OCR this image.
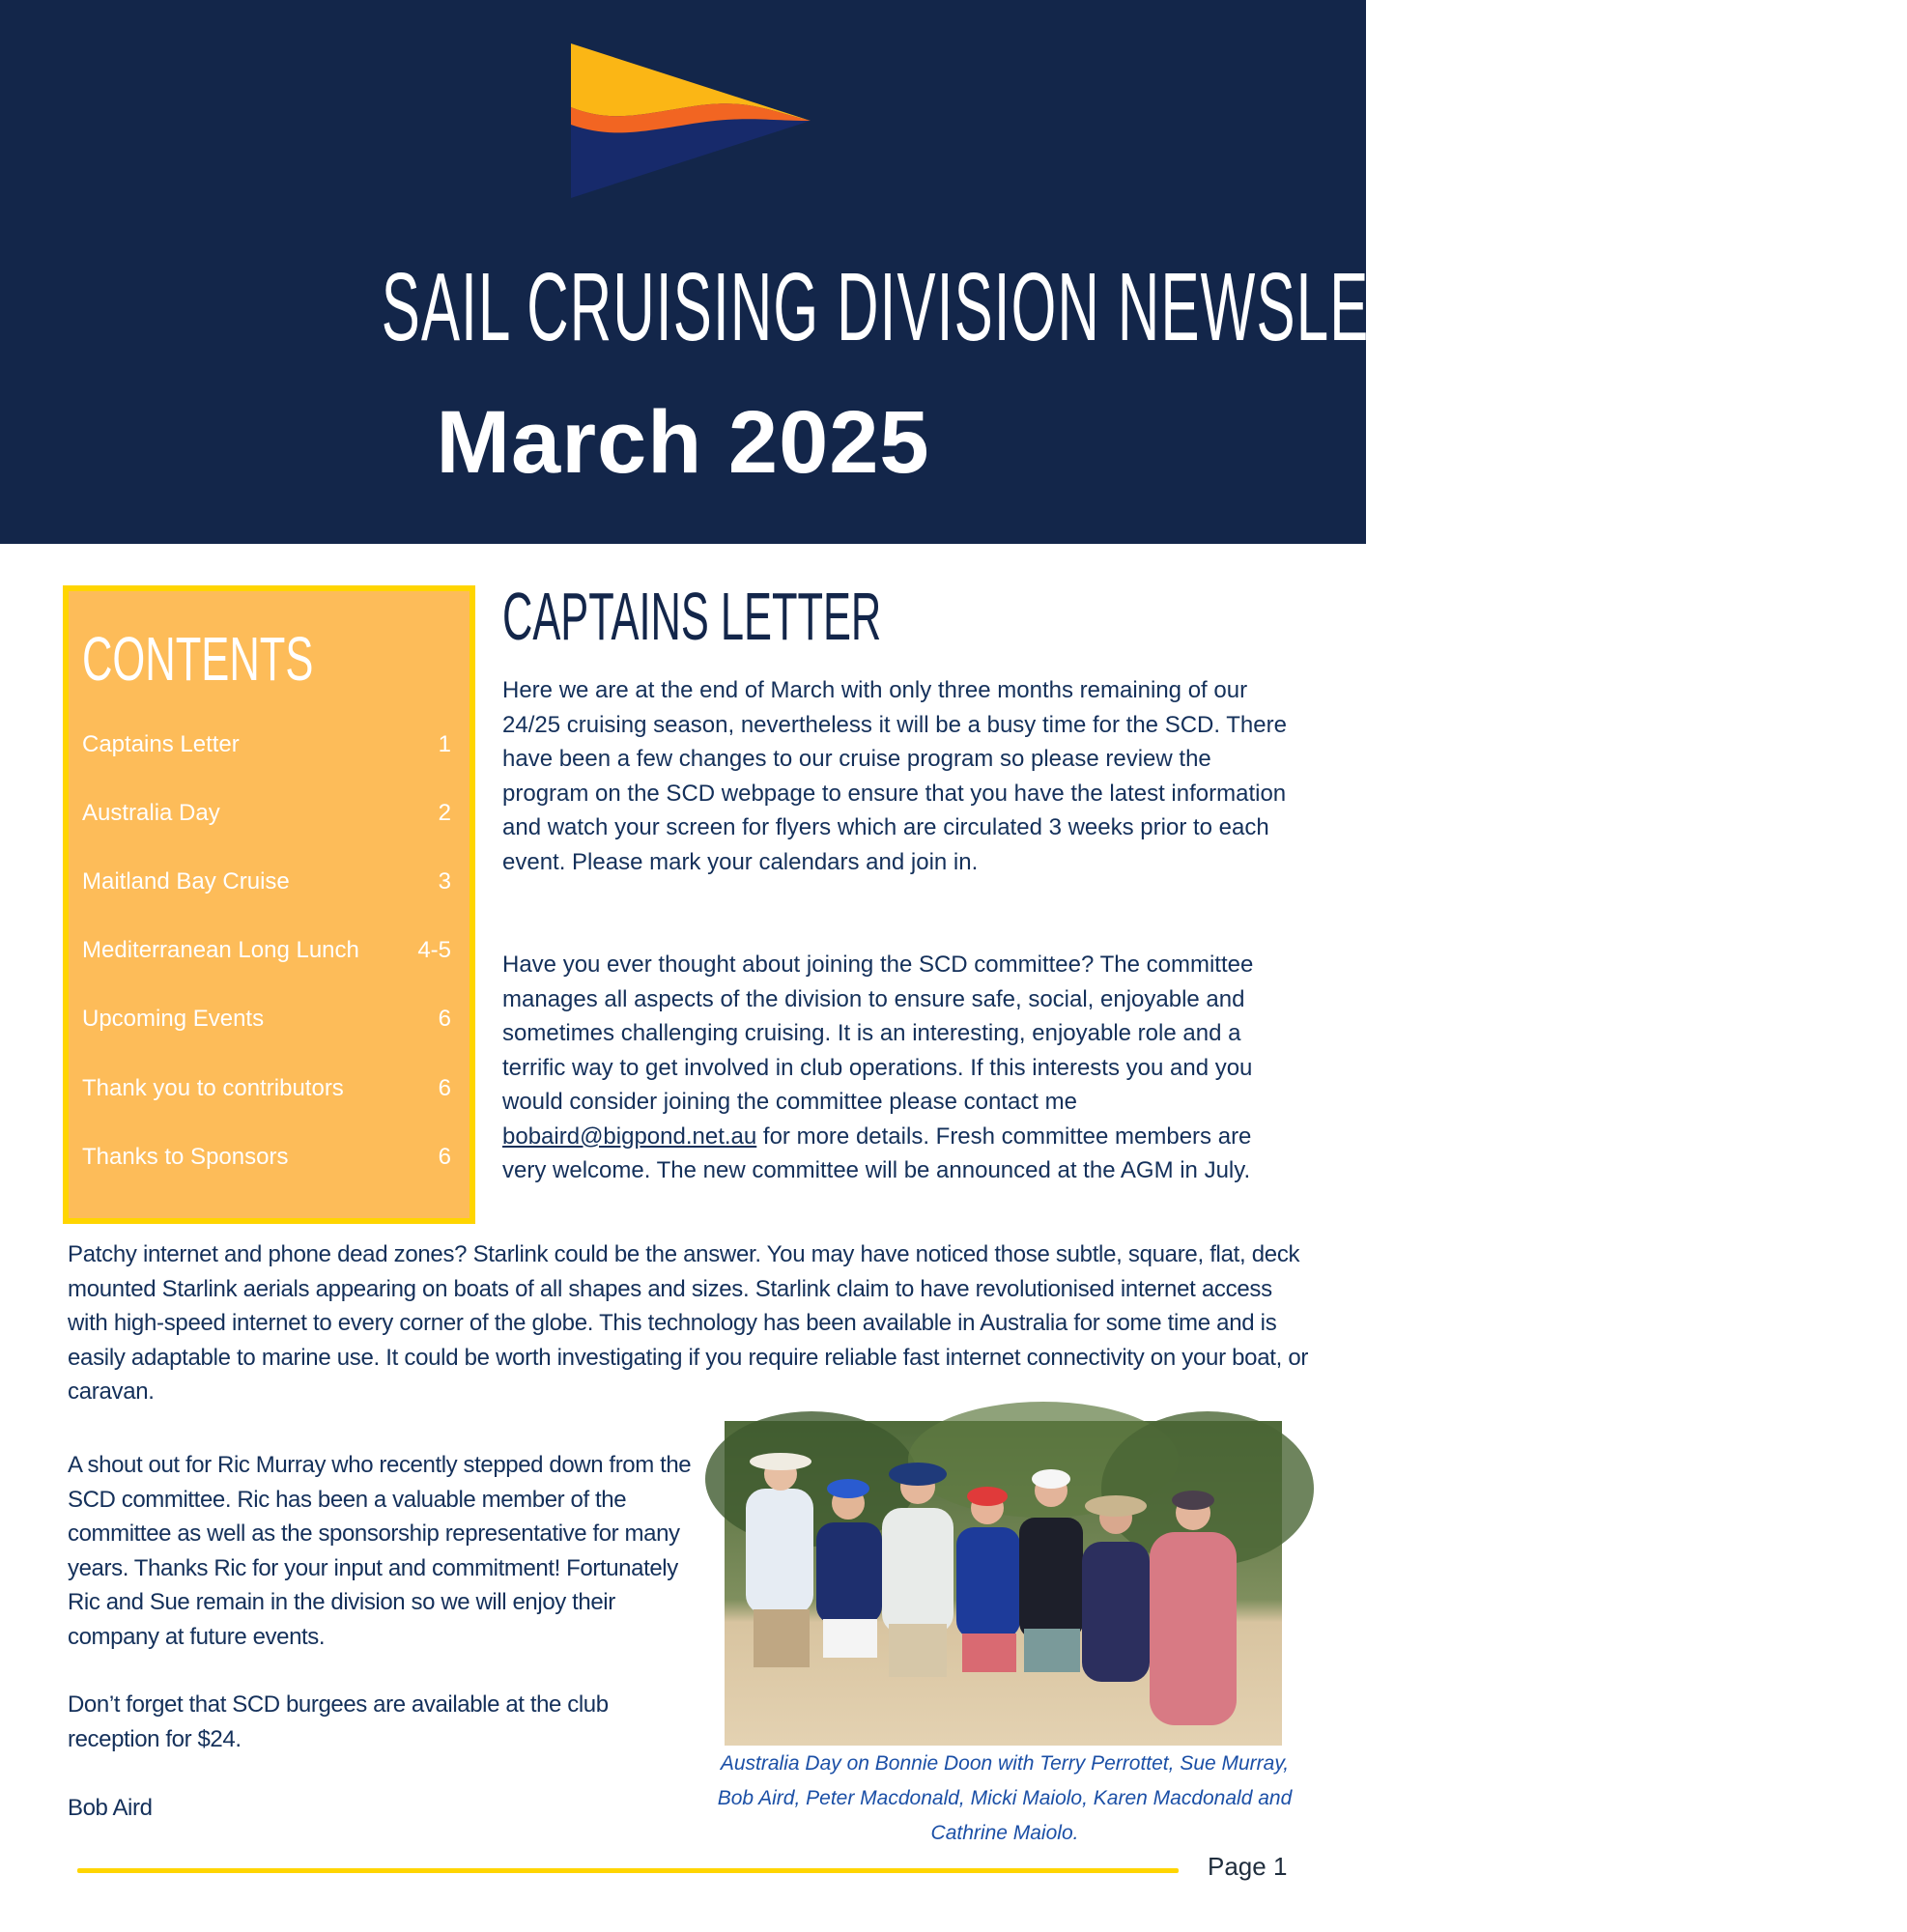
SAIL CRUISING DIVISION NEWSLETTER
March 2025
CONTENTS
Captains Letter	1
Australia Day	2
Maitland Bay Cruise	3
Mediterranean Long Lunch	4-5
Upcoming Events	6
Thank you to contributors	6
Thanks to Sponsors	6
CAPTAINS LETTER

Here we are at the end of March with only three months remaining of our 24/25 cruising season, nevertheless it will be a busy time for the SCD. There have been a few changes to our cruise program so please review the program on the SCD webpage to ensure that you have the latest information and watch your screen for flyers which are circulated 3 weeks prior to each event. Please mark your calendars and join in.

Have you ever thought about joining the SCD committee? The committee manages all aspects of the division to ensure safe, social, enjoyable and sometimes challenging cruising. It is an interesting, enjoyable role and a terrific way to get involved in club operations. If this interests you and you would consider joining the committee please contact me bobaird@bigpond.net.au for more details. Fresh committee members are very welcome. The new committee will be announced at the AGM in July.

Patchy internet and phone dead zones? Starlink could be the answer. You may have noticed those subtle, square, flat, deck mounted Starlink aerials appearing on boats of all shapes and sizes. Starlink claim to have revolutionised internet access with high-speed internet to every corner of the globe. This technology has been available in Australia for some time and is easily adaptable to marine use. It could be worth investigating if you require reliable fast internet connectivity on your boat, or caravan.

A shout out for Ric Murray who recently stepped down from the SCD committee. Ric has been a valuable member of the committee as well as the sponsorship representative for many years. Thanks Ric for your input and commitment! Fortunately Ric and Sue remain in the division so we will enjoy their company at future events.

Don’t forget that SCD burgees are available at the club reception for $24.

Bob Aird

Australia Day on Bonnie Doon with Terry Perrottet, Sue Murray, Bob Aird, Peter Macdonald, Micki Maiolo, Karen Macdonald and Cathrine Maiolo.
Page 1
